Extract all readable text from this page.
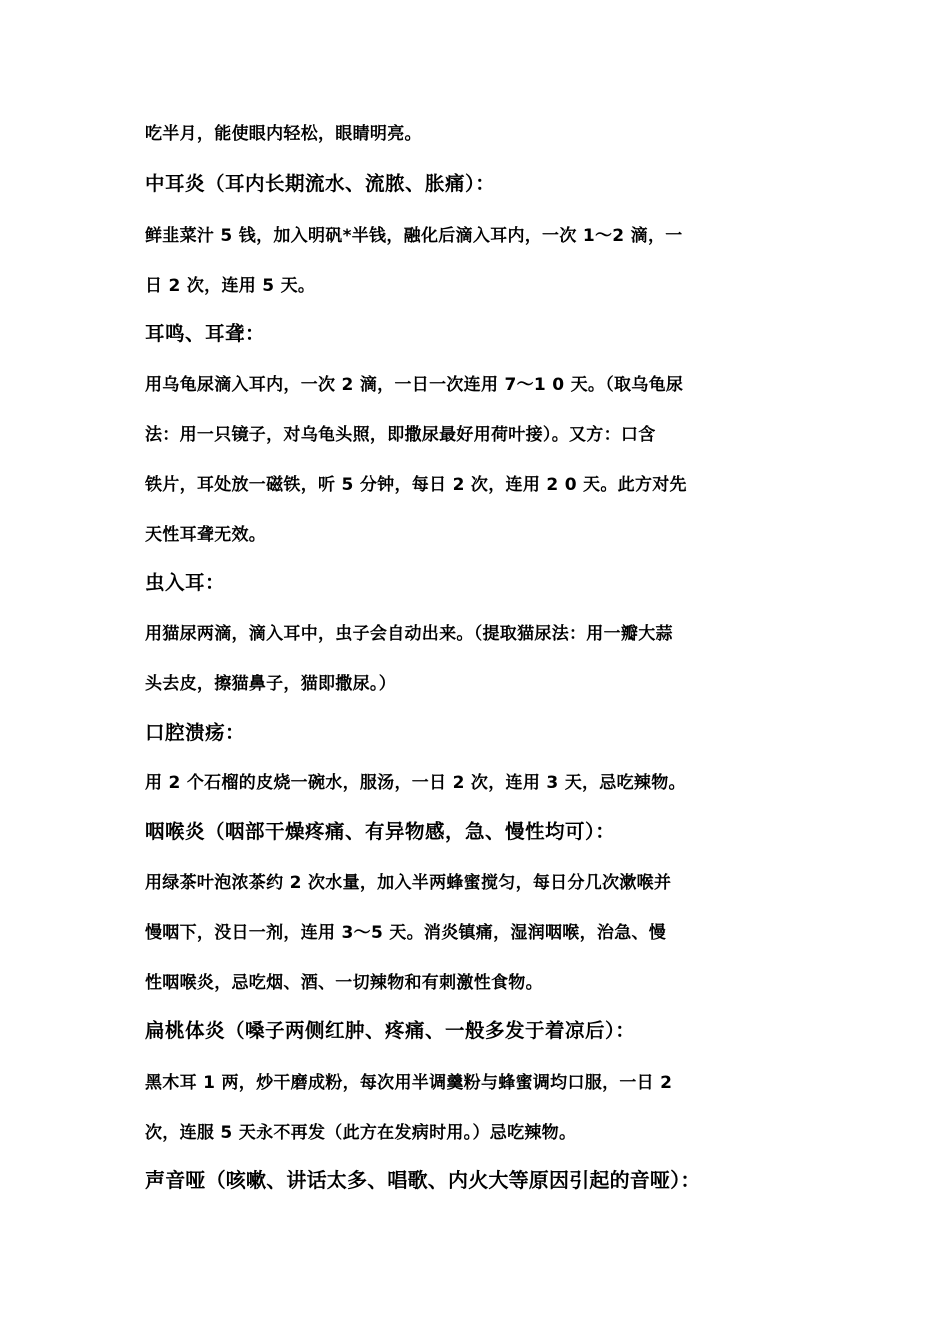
吃半月，能使眼内轻松，眼睛明亮。
中耳炎（耳内长期流水、流脓、胀痛）：
鲜韭菜汁 5 钱，加入明矾*半钱，融化后滴入耳内，一次 1～2 滴，一
日 2 次，连用 5 天。
耳鸣、耳聋：
用乌龟尿滴入耳内，一次 2 滴，一日一次连用 7～1 0 天。（取乌龟尿
法：用一只镜子，对乌龟头照，即撒尿最好用荷叶接）。又方：口含
铁片，耳处放一磁铁，听 5 分钟，每日 2 次，连用 2 0 天。此方对先
天性耳聋无效。
虫入耳：
用猫尿两滴，滴入耳中，虫子会自动出来。（提取猫尿法：用一瓣大蒜
头去皮，擦猫鼻子，猫即撒尿。）
口腔溃疡：
用 2 个石榴的皮烧一碗水，服汤，一日 2 次，连用 3 天，忌吃辣物。
咽喉炎（咽部干燥疼痛、有异物感，急、慢性均可）：
用绿茶叶泡浓茶约 2 次水量，加入半两蜂蜜搅匀，每日分几次漱喉并
慢咽下，没日一剂，连用 3～5 天。消炎镇痛，湿润咽喉，治急、慢
性咽喉炎，忌吃烟、酒、一切辣物和有刺激性食物。
扁桃体炎（嗓子两侧红肿、疼痛、一般多发于着凉后）：
黑木耳 1 两，炒干磨成粉，每次用半调羹粉与蜂蜜调均口服，一日 2
次，连服 5 天永不再发（此方在发病时用。）忌吃辣物。
声音哑（咳嗽、讲话太多、唱歌、内火大等原因引起的音哑）：
